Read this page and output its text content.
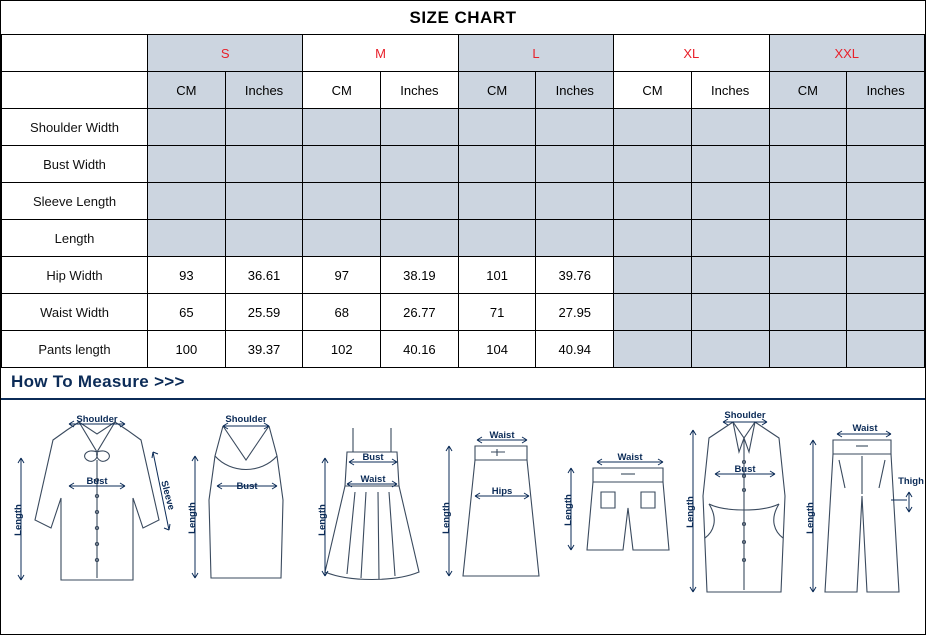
SIZE CHART
	S		M		L		XL		XXL	
	CM	Inches	CM	Inches	CM	Inches	CM	Inches	CM	Inches
Shoulder Width										
Bust Width										
Sleeve Length										
Length										
Hip Width	93	36.61	97	38.19	101	39.76				
Waist Width	65	25.59	68	26.77	71	27.95				
Pants length	100	39.37	102	40.16	104	40.94				
How To Measure >>>
Shoulder
Bust
Length
Sleeve
Shoulder
Bust
Length
Bust
Waist
Length
Waist
Hips
Length
Waist
Length
Shoulder
Bust
Length
Waist
Length
Thigh
